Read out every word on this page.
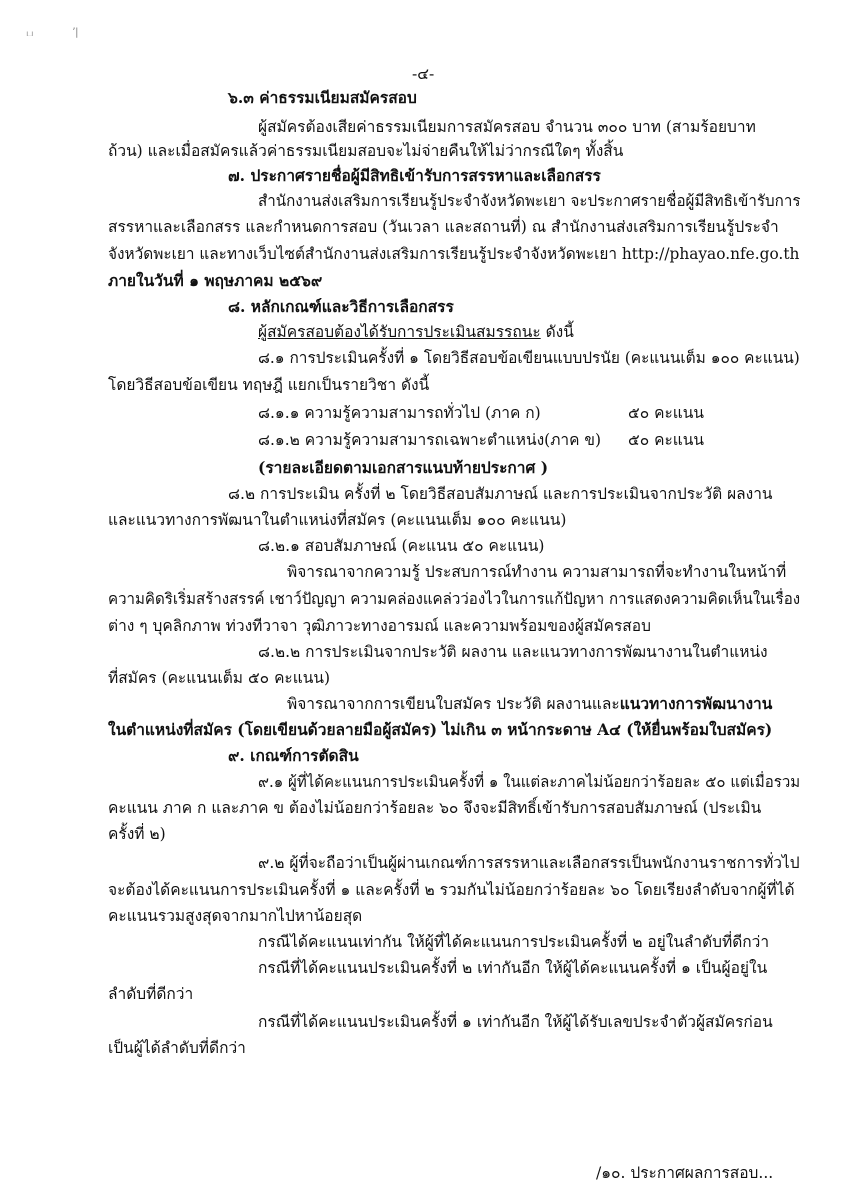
ப	ʼ|

-๔-

๖.๓ ค่าธรรมเนียมสมัครสอบ

ผู้สมัครต้องเสียค่าธรรมเนียมการสมัครสอบ จำนวน ๓๐๐ บาท (สามร้อยบาท

ถ้วน) และเมื่อสมัครแล้วค่าธรรมเนียมสอบจะไม่จ่ายคืนให้ไม่ว่ากรณีใดๆ ทั้งสิ้น

๗. ประกาศรายชื่อผู้มีสิทธิเข้ารับการสรรหาและเลือกสรร

สำนักงานส่งเสริมการเรียนรู้ประจำจังหวัดพะเยา จะประกาศรายชื่อผู้มีสิทธิเข้ารับการ

สรรหาและเลือกสรร และกำหนดการสอบ (วันเวลา และสถานที่) ณ สำนักงานส่งเสริมการเรียนรู้ประจำ

จังหวัดพะเยา และทางเว็บไซต์สำนักงานส่งเสริมการเรียนรู้ประจำจังหวัดพะเยา http://phayao.nfe.go.th

ภายในวันที่ ๑ พฤษภาคม ๒๕๖๙

๘. หลักเกณฑ์และวิธีการเลือกสรร

ผู้สมัครสอบต้องได้รับการประเมินสมรรถนะ ดังนี้

๘.๑ การประเมินครั้งที่ ๑ โดยวิธีสอบข้อเขียนแบบปรนัย (คะแนนเต็ม ๑๐๐ คะแนน)

โดยวิธีสอบข้อเขียน ทฤษฎี แยกเป็นรายวิชา ดังนี้

๘.๑.๑ ความรู้ความสามารถทั่วไป (ภาค ก)	๕๐ คะแนน

๘.๑.๒ ความรู้ความสามารถเฉพาะตำแหน่ง(ภาค ข) ๕๐ คะแนน

(รายละเอียดตามเอกสารแนบท้ายประกาศ )

๘.๒ การประเมิน ครั้งที่ ๒ โดยวิธีสอบสัมภาษณ์ และการประเมินจากประวัติ ผลงาน

และแนวทางการพัฒนาในตำแหน่งที่สมัคร (คะแนนเต็ม ๑๐๐ คะแนน)

๘.๒.๑ สอบสัมภาษณ์ (คะแนน ๕๐ คะแนน)

พิจารณาจากความรู้ ประสบการณ์ทำงาน ความสามารถที่จะทำงานในหน้าที่

ความคิดริเริ่มสร้างสรรค์ เชาว์ปัญญา ความคล่องแคล่วว่องไวในการแก้ปัญหา การแสดงความคิดเห็นในเรื่อง

ต่าง ๆ บุคลิกภาพ ท่วงทีวาจา วุฒิภาวะทางอารมณ์ และความพร้อมของผู้สมัครสอบ

๘.๒.๒ การประเมินจากประวัติ ผลงาน และแนวทางการพัฒนางานในตำแหน่ง

ที่สมัคร (คะแนนเต็ม ๕๐ คะแนน)

พิจารณาจากการเขียนใบสมัคร ประวัติ ผลงานและแนวทางการพัฒนางาน

ในตำแหน่งที่สมัคร (โดยเขียนด้วยลายมือผู้สมัคร) ไม่เกิน ๓ หน้ากระดาษ A๔ (ให้ยื่นพร้อมใบสมัคร)

๙. เกณฑ์การตัดสิน

๙.๑ ผู้ที่ได้คะแนนการประเมินครั้งที่ ๑ ในแต่ละภาคไม่น้อยกว่าร้อยละ ๕๐ แต่เมื่อรวม

คะแนน ภาค ก และภาค ข ต้องไม่น้อยกว่าร้อยละ ๖๐ จึงจะมีสิทธิ์เข้ารับการสอบสัมภาษณ์ (ประเมิน

ครั้งที่ ๒)

๙.๒ ผู้ที่จะถือว่าเป็นผู้ผ่านเกณฑ์การสรรหาและเลือกสรรเป็นพนักงานราชการทั่วไป

จะต้องได้คะแนนการประเมินครั้งที่ ๑ และครั้งที่ ๒ รวมกันไม่น้อยกว่าร้อยละ ๖๐ โดยเรียงลำดับจากผู้ที่ได้

คะแนนรวมสูงสุดจากมากไปหาน้อยสุด

กรณีได้คะแนนเท่ากัน ให้ผู้ที่ได้คะแนนการประเมินครั้งที่ ๒ อยู่ในลำดับที่ดีกว่า

กรณีที่ได้คะแนนประเมินครั้งที่ ๒ เท่ากันอีก ให้ผู้ได้คะแนนครั้งที่ ๑ เป็นผู้อยู่ใน

ลำดับที่ดีกว่า

กรณีที่ได้คะแนนประเมินครั้งที่ ๑ เท่ากันอีก ให้ผู้ได้รับเลขประจำตัวผู้สมัครก่อน

เป็นผู้ได้ลำดับที่ดีกว่า

/๑๐. ประกาศผลการสอบ...
